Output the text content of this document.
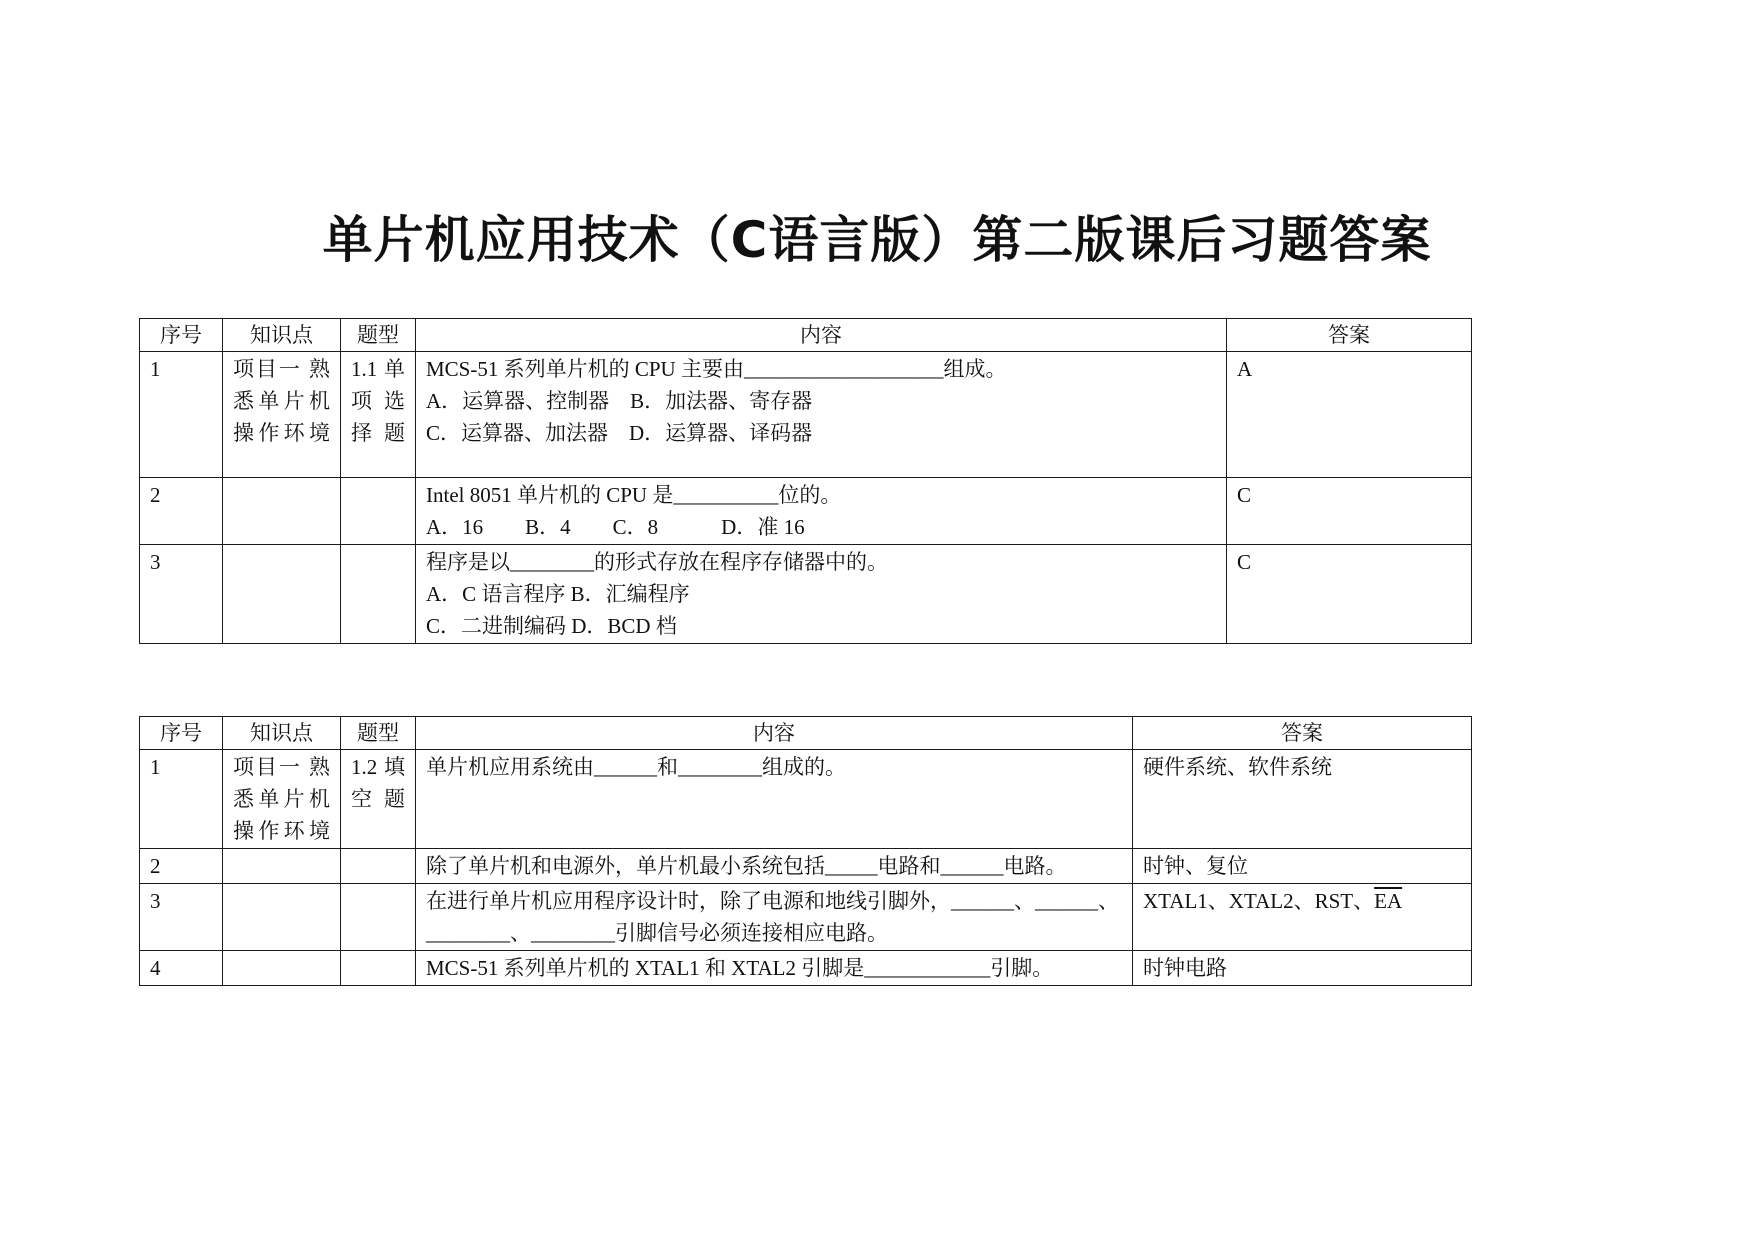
单片机应用技术（C语言版）第二版课后习题答案
序号	知识点	题型	内容	答案
1	项目一 熟悉单片机操作环境	1.1 单项选择题	MCS-51 系列单片机的 CPU 主要由___________________组成。
A．运算器、控制器　B．加法器、寄存器
C．运算器、加法器　D．运算器、译码器	A
2			Intel 8051 单片机的 CPU 是__________位的。
A．16　　B．4　　C．8　　　D．准 16	C
3			程序是以________的形式存放在程序存储器中的。
A．C 语言程序 B．汇编程序
C．二进制编码 D．BCD 档	C
序号	知识点	题型	内容	答案
1	项目一 熟悉单片机操作环境	1.2 填空题	单片机应用系统由______和________组成的。	硬件系统、软件系统
2			除了单片机和电源外，单片机最小系统包括_____电路和______电路。	时钟、复位
3			在进行单片机应用程序设计时，除了电源和地线引脚外，______、______、
________、________引脚信号必须连接相应电路。	XTAL1、XTAL2、RST、$\overline{EA}$
4			MCS-51 系列单片机的 XTAL1 和 XTAL2 引脚是____________引脚。	时钟电路
